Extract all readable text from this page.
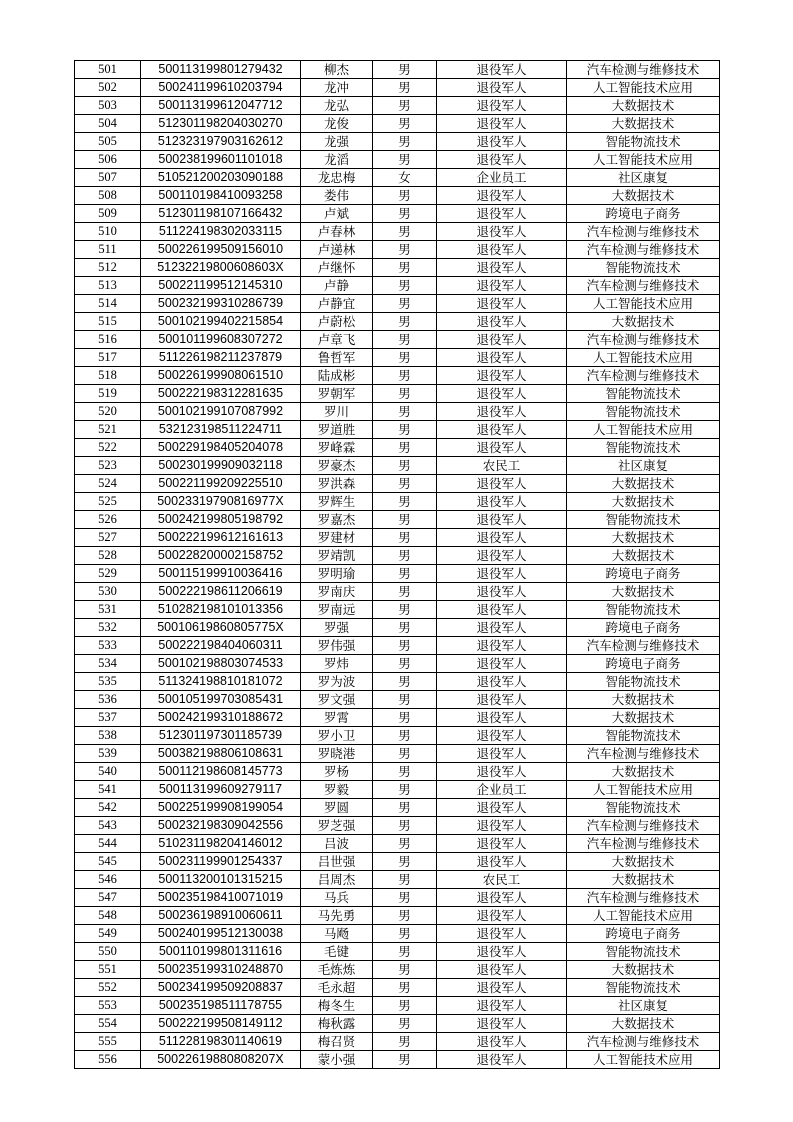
501	500113199801279432	柳杰	男	退役军人	汽车检测与维修技术
502	500241199610203794	龙冲	男	退役军人	人工智能技术应用
503	500113199612047712	龙弘	男	退役军人	大数据技术
504	512301198204030270	龙俊	男	退役军人	大数据技术
505	512323197903162612	龙强	男	退役军人	智能物流技术
506	500238199601101018	龙滔	男	退役军人	人工智能技术应用
507	510521200203090188	龙忠梅	女	企业员工	社区康复
508	500110198410093258	娄伟	男	退役军人	大数据技术
509	512301198107166432	卢斌	男	退役军人	跨境电子商务
510	511224198302033115	卢春林	男	退役军人	汽车检测与维修技术
511	500226199509156010	卢递林	男	退役军人	汽车检测与维修技术
512	51232219800608603X	卢继怀	男	退役军人	智能物流技术
513	500221199512145310	卢静	男	退役军人	汽车检测与维修技术
514	500232199310286739	卢静宜	男	退役军人	人工智能技术应用
515	500102199402215854	卢蔚松	男	退役军人	大数据技术
516	500101199608307272	卢章飞	男	退役军人	汽车检测与维修技术
517	511226198211237879	鲁哲军	男	退役军人	人工智能技术应用
518	500226199908061510	陆成彬	男	退役军人	汽车检测与维修技术
519	500222198312281635	罗朝军	男	退役军人	智能物流技术
520	500102199107087992	罗川	男	退役军人	智能物流技术
521	532123198511224711	罗道胜	男	退役军人	人工智能技术应用
522	500229198405204078	罗峰霖	男	退役军人	智能物流技术
523	500230199909032118	罗豪杰	男	农民工	社区康复
524	500221199209225510	罗洪森	男	退役军人	大数据技术
525	50023319790816977X	罗辉生	男	退役军人	大数据技术
526	500242199805198792	罗嘉杰	男	退役军人	智能物流技术
527	500222199612161613	罗建材	男	退役军人	大数据技术
528	500228200002158752	罗靖凯	男	退役军人	大数据技术
529	500115199910036416	罗明瑜	男	退役军人	跨境电子商务
530	500222198611206619	罗南庆	男	退役军人	大数据技术
531	510282198101013356	罗南远	男	退役军人	智能物流技术
532	50010619860805775X	罗强	男	退役军人	跨境电子商务
533	500222198404060311	罗伟强	男	退役军人	汽车检测与维修技术
534	500102198803074533	罗炜	男	退役军人	跨境电子商务
535	511324198810181072	罗为波	男	退役军人	智能物流技术
536	500105199703085431	罗文强	男	退役军人	大数据技术
537	500242199310188672	罗霄	男	退役军人	大数据技术
538	512301197301185739	罗小卫	男	退役军人	智能物流技术
539	500382198806108631	罗晓港	男	退役军人	汽车检测与维修技术
540	500112198608145773	罗杨	男	退役军人	大数据技术
541	500113199609279117	罗毅	男	企业员工	人工智能技术应用
542	500225199908199054	罗圆	男	退役军人	智能物流技术
543	500232198309042556	罗芝强	男	退役军人	汽车检测与维修技术
544	510231198204146012	吕波	男	退役军人	汽车检测与维修技术
545	500231199901254337	吕世强	男	退役军人	大数据技术
546	500113200101315215	吕周杰	男	农民工	大数据技术
547	500235198410071019	马兵	男	退役军人	汽车检测与维修技术
548	500236198910060611	马先勇	男	退役军人	人工智能技术应用
549	500240199512130038	马飏	男	退役军人	跨境电子商务
550	500110199801311616	毛键	男	退役军人	智能物流技术
551	500235199310248870	毛炼炼	男	退役军人	大数据技术
552	500234199509208837	毛永超	男	退役军人	智能物流技术
553	500235198511178755	梅冬生	男	退役军人	社区康复
554	500222199508149112	梅秋露	男	退役军人	大数据技术
555	511228198301140619	梅召贤	男	退役军人	汽车检测与维修技术
556	50022619880808207X	蒙小强	男	退役军人	人工智能技术应用
